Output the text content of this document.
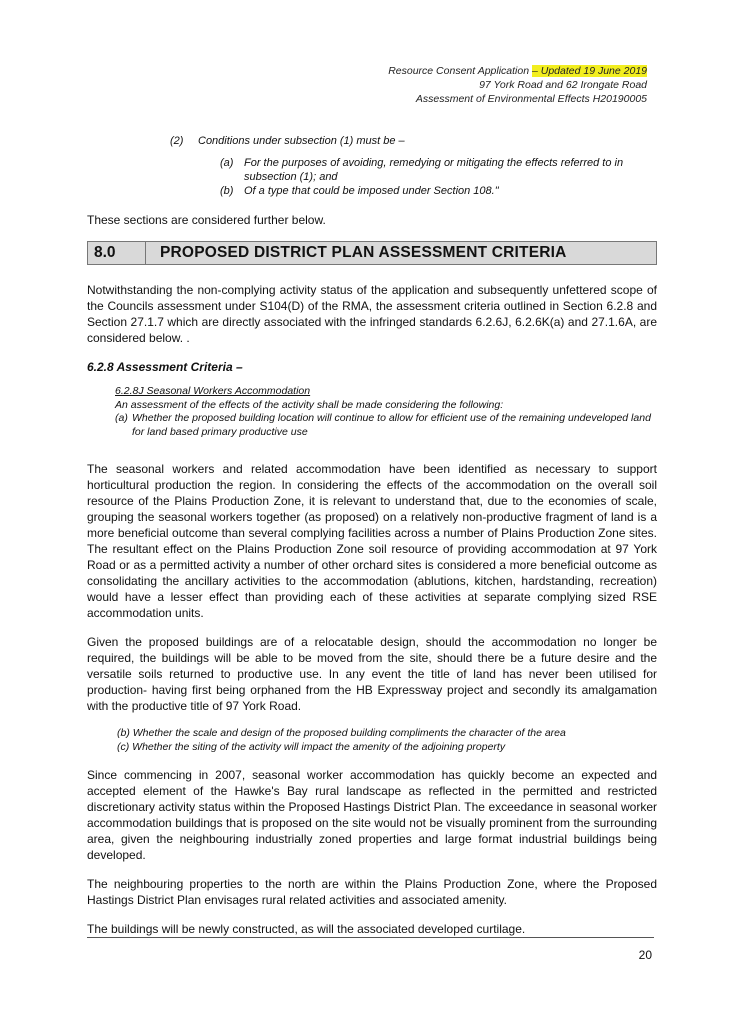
Resource Consent Application – Updated 19 June 2019
97 York Road and 62 Irongate Road
Assessment of Environmental Effects H20190005
(2)	Conditions under subsection (1) must be –
(a) For the purposes of avoiding, remedying or mitigating the effects referred to in subsection (1); and
(b) Of a type that could be imposed under Section 108."

These sections are considered further below.

8.0	PROPOSED DISTRICT PLAN ASSESSMENT CRITERIA

Notwithstanding the non-complying activity status of the application and subsequently unfettered scope of the Councils assessment under S104(D) of the RMA, the assessment criteria outlined in Section 6.2.8 and Section 27.1.7 which are directly associated with the infringed standards 6.2.6J, 6.2.6K(a) and 27.1.6A, are considered below. .

6.2.8 Assessment Criteria –
6.2.8J Seasonal Workers Accommodation
An assessment of the effects of the activity shall be made considering the following:
(a) Whether the proposed building location will continue to allow for efficient use of the remaining undeveloped land for land based primary productive use

The seasonal workers and related accommodation have been identified as necessary to support horticultural production the region. In considering the effects of the accommodation on the overall soil resource of the Plains Production Zone, it is relevant to understand that, due to the economies of scale, grouping the seasonal workers together (as proposed) on a relatively non-productive fragment of land is a more beneficial outcome than several complying facilities across a number of Plains Production Zone sites. The resultant effect on the Plains Production Zone soil resource of providing accommodation at 97 York Road or as a permitted activity a number of other orchard sites is considered a more beneficial outcome as consolidating the ancillary activities to the accommodation (ablutions, kitchen, hardstanding, recreation) would have a lesser effect than providing each of these activities at separate complying sized RSE accommodation units.

Given the proposed buildings are of a relocatable design, should the accommodation no longer be required, the buildings will be able to be moved from the site, should there be a future desire and the versatile soils returned to productive use. In any event the title of land has never been utilised for production- having first being orphaned from the HB Expressway project and secondly its amalgamation with the productive title of 97 York Road.

(b) Whether the scale and design of the proposed building compliments the character of the area
(c) Whether the siting of the activity will impact the amenity of the adjoining property

Since commencing in 2007, seasonal worker accommodation has quickly become an expected and accepted element of the Hawke's Bay rural landscape as reflected in the permitted and restricted discretionary activity status within the Proposed Hastings District Plan. The exceedance in seasonal worker accommodation buildings that is proposed on the site would not be visually prominent from the surrounding area, given the neighbouring industrially zoned properties and large format industrial buildings being developed.

The neighbouring properties to the north are within the Plains Production Zone, where the Proposed Hastings District Plan envisages rural related activities and associated amenity.

The buildings will be newly constructed, as will the associated developed curtilage.

20
